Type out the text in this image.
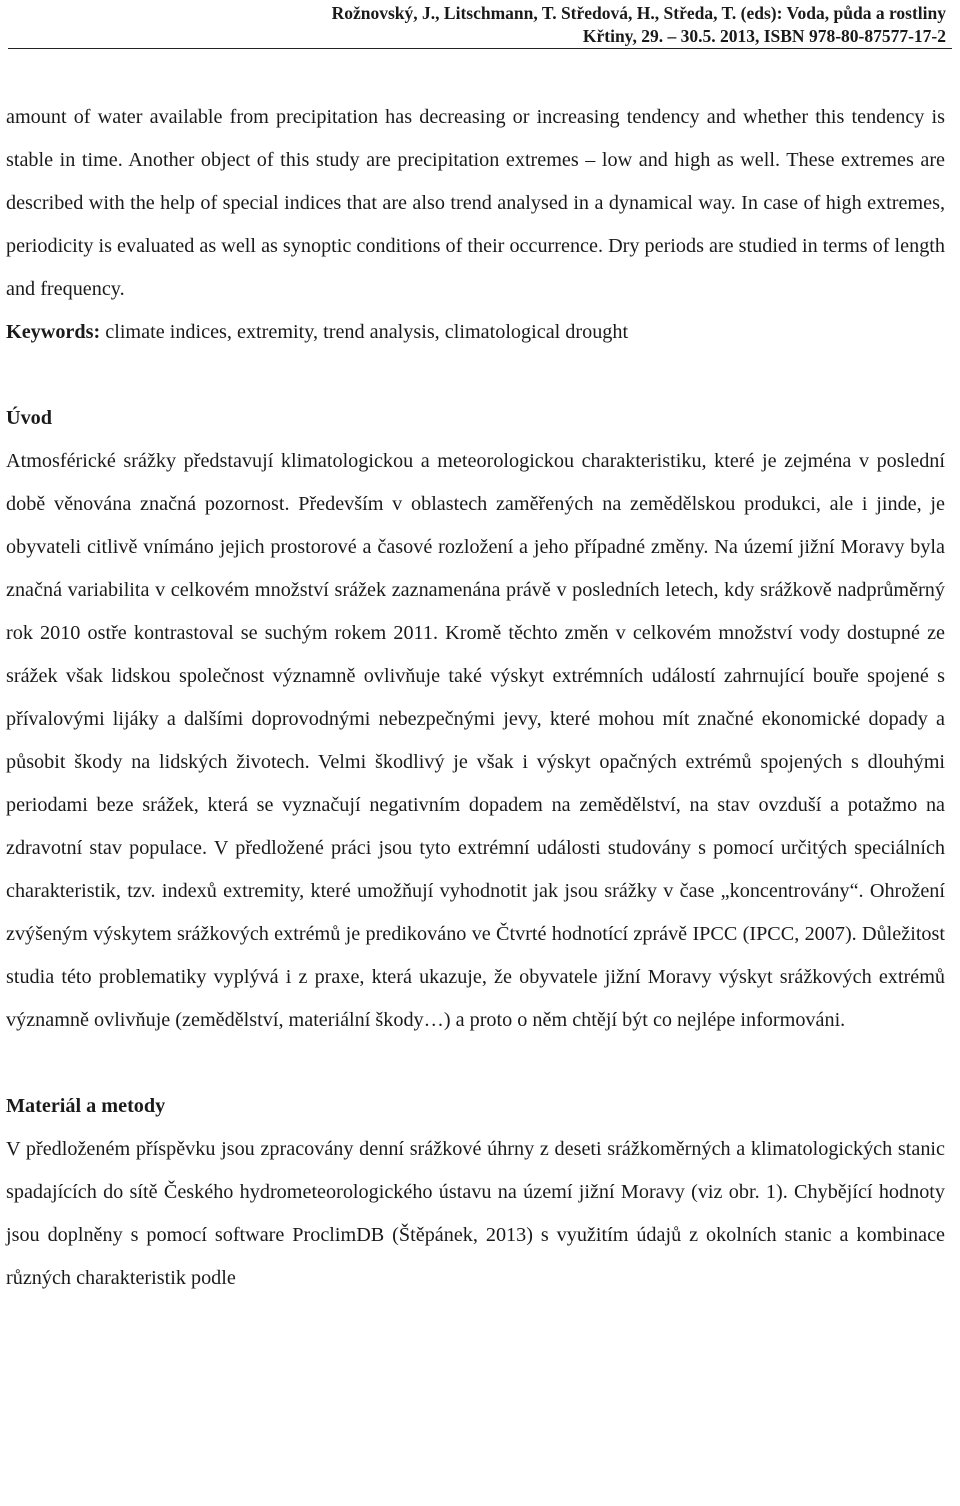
Rožnovský, J., Litschmann, T. Středová, H., Středa, T. (eds): Voda, půda a rostliny
Křtiny, 29. – 30.5. 2013, ISBN 978-80-87577-17-2

amount of water available from precipitation has decreasing or increasing tendency and whether this tendency is stable in time. Another object of this study are precipitation extremes – low and high as well. These extremes are described with the help of special indices that are also trend analysed in a dynamical way. In case of high extremes, periodicity is evaluated as well as synoptic conditions of their occurrence. Dry periods are studied in terms of length and frequency.

Keywords: climate indices, extremity, trend analysis, climatological drought
Úvod

Atmosférické srážky představují klimatologickou a meteorologickou charakteristiku, které je zejména v poslední době věnována značná pozornost. Především v oblastech zaměřených na zemědělskou produkci, ale i jinde, je obyvateli citlivě vnímáno jejich prostorové a časové rozložení a jeho případné změny. Na území jižní Moravy byla značná variabilita v celkovém množství srážek zaznamenána právě v posledních letech, kdy srážkově nadprůměrný rok 2010 ostře kontrastoval se suchým rokem 2011. Kromě těchto změn v celkovém množství vody dostupné ze srážek však lidskou společnost významně ovlivňuje také výskyt extrémních událostí zahrnující bouře spojené s přívalovými lijáky a dalšími doprovodnými nebezpečnými jevy, které mohou mít značné ekonomické dopady a působit škody na lidských životech. Velmi škodlivý je však i výskyt opačných extrémů spojených s dlouhými periodami beze srážek, která se vyznačují negativním dopadem na zemědělství, na stav ovzduší a potažmo na zdravotní stav populace. V předložené práci jsou tyto extrémní události studovány s pomocí určitých speciálních charakteristik, tzv. indexů extremity, které umožňují vyhodnotit jak jsou srážky v čase „koncentrovány“. Ohrožení zvýšeným výskytem srážkových extrémů je predikováno ve Čtvrté hodnotící zprávě IPCC (IPCC, 2007). Důležitost studia této problematiky vyplývá i z praxe, která ukazuje, že obyvatele jižní Moravy výskyt srážkových extrémů významně ovlivňuje (zemědělství, materiální škody…) a proto o něm chtějí být co nejlépe informováni.

Materiál a metody

V předloženém příspěvku jsou zpracovány denní srážkové úhrny z deseti srážkoměrných a klimatologických stanic spadajících do sítě Českého hydrometeorologického ústavu na území jižní Moravy (viz obr. 1). Chybějící hodnoty jsou doplněny s pomocí software ProclimDB (Štěpánek, 2013) s využitím údajů z okolních stanic a kombinace různých charakteristik podle
